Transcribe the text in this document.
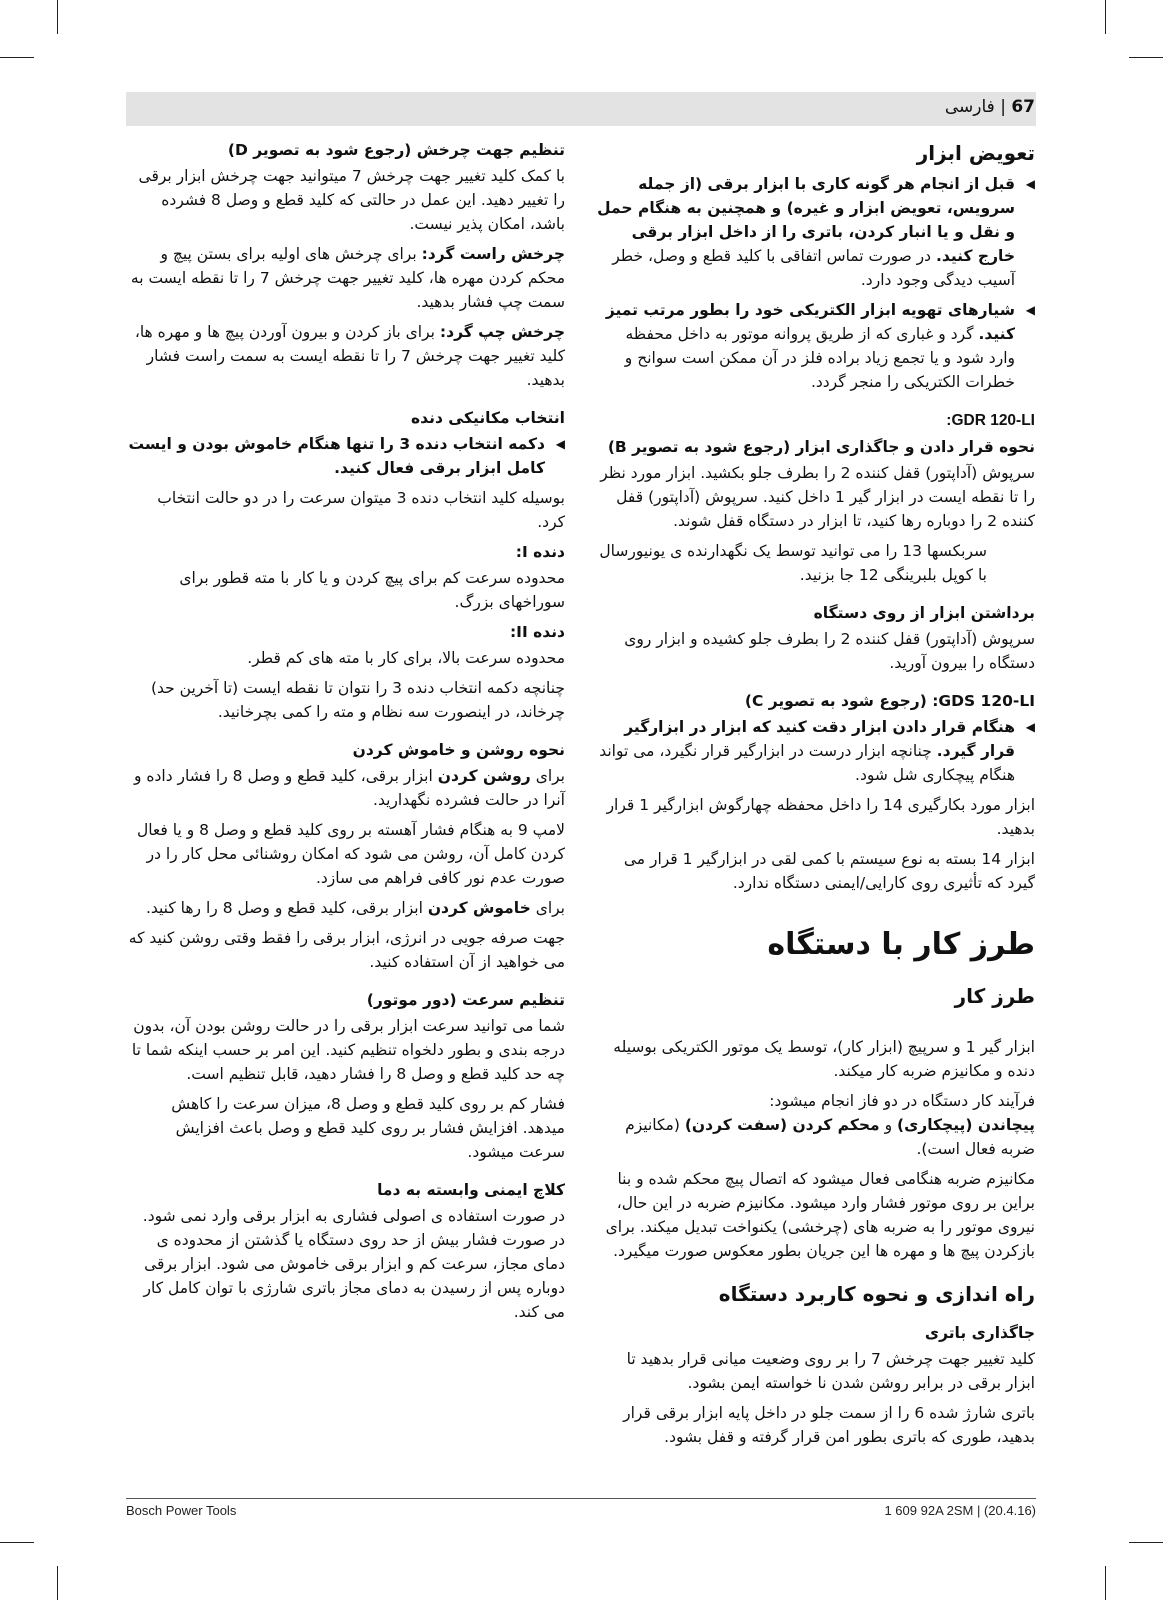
67 | فارسی
تعویض ابزار
◀
قبل از انجام هر گونه کاری با ابزار برقی (از جمله سرویس، تعویض ابزار و غیره) و همچنین به هنگام حمل و نقل و یا انبار کردن، باتری را از داخل ابزار برقی خارج کنید. در صورت تماس اتفاقی با کلید قطع و وصل، خطر آسیب دیدگی وجود دارد.
◀
شیارهای تهویه ابزار الکتریکی خود را بطور مرتب تمیز کنید. گرد و غباری که از طریق پروانه موتور به داخل محفظه وارد شود و یا تجمع زیاد براده فلز در آن ممکن است سوانح و خطرات الکتریکی را منجر گردد.
:GDR 120-LI
نحوه قرار دادن و جاگذاری ابزار (رجوع شود به تصویر B)

سرپوش (آداپتور) قفل کننده 2 را بطرف جلو بکشید. ابزار مورد نظر را تا نقطه ایست در ابزار گیر 1 داخل کنید. سرپوش (آداپتور) قفل کننده 2 را دوباره رها کنید، تا ابزار در دستگاه قفل شوند.

سربکسها 13 را می توانید توسط یک نگهدارنده ی یونیورسال با کوپل بلبرینگی 12 جا بزنید.

برداشتن ابزار از روی دستگاه

سرپوش (آداپتور) قفل کننده 2 را بطرف جلو کشیده و ابزار روی دستگاه را بیرون آورید.

GDS 120-LI: (رجوع شود به تصویر C)
◀
هنگام قرار دادن ابزار دقت کنید که ابزار در ابزارگیر قرار گیرد. چنانچه ابزار درست در ابزارگیر قرار نگیرد، می تواند هنگام پیچکاری شل شود.

ابزار مورد بکارگیری 14 را داخل محفظه چهارگوش ابزارگیر 1 قرار بدهید.

ابزار 14 بسته به نوع سیستم با کمی لقی در ابزارگیر 1 قرار می گیرد که تأثیری روی کارایی/ایمنی دستگاه ندارد.

طرز کار با دستگاه
طرز کار

ابزار گیر 1 و سرپیچ (ابزار کار)، توسط یک موتور الکتریکی بوسیله دنده و مکانیزم ضربه کار میکند.

فرآیند کار دستگاه در دو فاز انجام میشود:

پیچاندن (پیچکاری) و محکم کردن (سفت کردن) (مکانیزم ضربه فعال است).

مکانیزم ضربه هنگامی فعال میشود که اتصال پیچ محکم شده و بنا براین بر روی موتور فشار وارد میشود. مکانیزم ضربه در این حال، نیروی موتور را به ضربه های (چرخشی) یکنواخت تبدیل میکند. برای بازکردن پیچ ها و مهره ها این جریان بطور معکوس صورت میگیرد.

راه اندازی و نحوه کاربرد دستگاه
جاگذاری باتری

کلید تغییر جهت چرخش 7 را بر روی وضعیت میانی قرار بدهید تا ابزار برقی در برابر روشن شدن نا خواسته ایمن بشود.

باتری شارژ شده 6 را از سمت جلو در داخل پایه ابزار برقی قرار بدهید، طوری که باتری بطور امن قرار گرفته و قفل بشود.

تنظیم جهت چرخش (رجوع شود به تصویر D)

با کمک کلید تغییر جهت چرخش 7 میتوانید جهت چرخش ابزار برقی را تغییر دهید. این عمل در حالتی که کلید قطع و وصل 8 فشرده باشد، امکان پذیر نیست.

چرخش راست گرد: برای چرخش های اولیه برای بستن پیچ و محکم کردن مهره ها، کلید تغییر جهت چرخش 7 را تا نقطه ایست به سمت چپ فشار بدهید.

چرخش چپ گرد: برای باز کردن و بیرون آوردن پیچ ها و مهره ها، کلید تغییر جهت چرخش 7 را تا نقطه ایست به سمت راست فشار بدهید.

انتخاب مکانیکی دنده
◀
دکمه انتخاب دنده 3 را تنها هنگام خاموش بودن و ایست کامل ابزار برقی فعال کنید.

بوسیله کلید انتخاب دنده 3 میتوان سرعت را در دو حالت انتخاب کرد.

دنده I:

محدوده سرعت کم برای پیچ کردن و یا کار با مته قطور برای سوراخهای بزرگ.

دنده II:

محدوده سرعت بالا، برای کار با مته های کم قطر.

چنانچه دکمه انتخاب دنده 3 را نتوان تا نقطه ایست (تا آخرین حد) چرخاند، در اینصورت سه نظام و مته را کمی بچرخانید.

نحوه روشن و خاموش کردن

برای روشن کردن ابزار برقی، کلید قطع و وصل 8 را فشار داده و آنرا در حالت فشرده نگهدارید.

لامپ 9 به هنگام فشار آهسته بر روی کلید قطع و وصل 8 و یا فعال کردن کامل آن، روشن می شود که امکان روشنائی محل کار را در صورت عدم نور کافی فراهم می سازد.

برای خاموش کردن ابزار برقی، کلید قطع و وصل 8 را رها کنید.

جهت صرفه جویی در انرژی، ابزار برقی را فقط وقتی روشن کنید که می خواهید از آن استفاده کنید.

تنظیم سرعت (دور موتور)

شما می توانید سرعت ابزار برقی را در حالت روشن بودن آن، بدون درجه بندی و بطور دلخواه تنظیم کنید. این امر بر حسب اینکه شما تا چه حد کلید قطع و وصل 8 را فشار دهید، قابل تنظیم است.

فشار کم بر روی کلید قطع و وصل 8، میزان سرعت را کاهش میدهد. افزایش فشار بر روی کلید قطع و وصل باعث افزایش سرعت میشود.

کلاچ ایمنی وابسته به دما

در صورت استفاده ی اصولی فشاری به ابزار برقی وارد نمی شود. در صورت فشار بیش از حد روی دستگاه یا گذشتن از محدوده ی دمای مجاز، سرعت کم و ابزار برقی خاموش می شود. ابزار برقی دوباره پس از رسیدن به دمای مجاز باتری شارژی با توان کامل کار می کند.

Bosch Power Tools	1 609 92A 2SM | (20.4.16)
